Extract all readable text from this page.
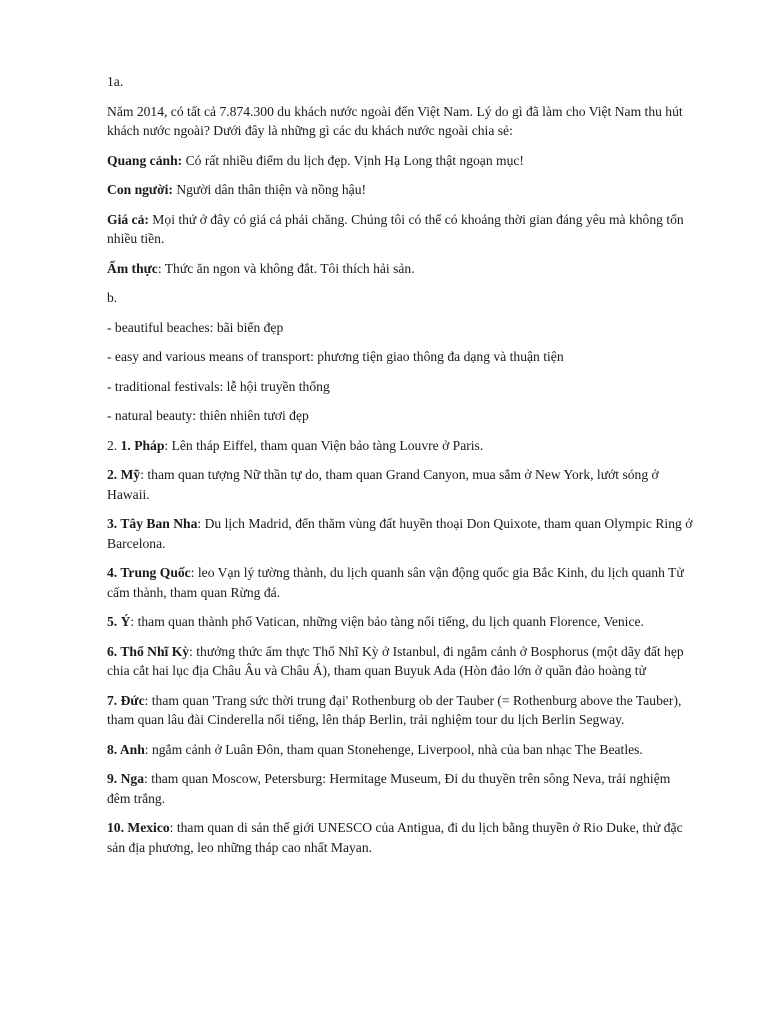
1a.

Năm 2014, có tất cả 7.874.300 du khách nước ngoài đến Việt Nam. Lý do gì đã làm cho Việt Nam thu hút khách nước ngoài? Dưới đây là những gì các du khách nước ngoài chia sẻ:

Quang cảnh: Có rất nhiều điểm du lịch đẹp. Vịnh Hạ Long thật ngoạn mục!

Con người: Người dân thân thiện và nồng hậu!

Giá cả: Mọi thứ ở đây có giá cả phải chăng. Chúng tôi có thể có khoảng thời gian đáng yêu mà không tốn nhiều tiền.

Ẩm thực: Thức ăn ngon và không đắt. Tôi thích hải sản.

b.

- beautiful beaches: bãi biển đẹp

- easy and various means of transport: phương tiện giao thông đa dạng và thuận tiện

- traditional festivals: lễ hội truyền thống

- natural beauty: thiên nhiên tươi đẹp

2. 1. Pháp: Lên tháp Eiffel, tham quan Viện bảo tàng Louvre ở Paris.

2. Mỹ: tham quan tượng Nữ thần tự do, tham quan Grand Canyon, mua sắm ở New York, lướt sóng ở Hawaii.

3. Tây Ban Nha: Du lịch Madrid, đến thăm vùng đất huyền thoại Don Quixote, tham quan Olympic Ring ở Barcelona.

4. Trung Quốc: leo Vạn lý tường thành, du lịch quanh sân vận động quốc gia Bắc Kinh, du lịch quanh Tử cấm thành, tham quan Rừng đá.

5. Ý: tham quan thành phố Vatican, những viện bảo tàng nổi tiếng, du lịch quanh Florence, Venice.

6. Thổ Nhĩ Kỳ: thưởng thức ẩm thực Thổ Nhĩ Kỳ ở Istanbul, đi ngắm cảnh ở Bosphorus (một dãy đất hẹp chia cắt hai lục địa Châu Âu và Châu Á), tham quan Buyuk Ada (Hòn đảo lớn ở quần đảo hoàng tử

7. Đức: tham quan 'Trang sức thời trung đại' Rothenburg ob der Tauber (= Rothenburg above the Tauber), tham quan lâu đài Cinderella nổi tiếng, lên tháp Berlin, trải nghiệm tour du lịch Berlin Segway.

8. Anh: ngắm cảnh ở Luân Đôn, tham quan Stonehenge, Liverpool, nhà của ban nhạc The Beatles.

9. Nga: tham quan Moscow, Petersburg: Hermitage Museum, Đi du thuyền trên sông Neva, trải nghiệm đêm trắng.

10. Mexico: tham quan di sản thế giới UNESCO của Antigua, đi du lịch bằng thuyền ở Rio Duke, thử đặc sản địa phương, leo những tháp cao nhất Mayan.
